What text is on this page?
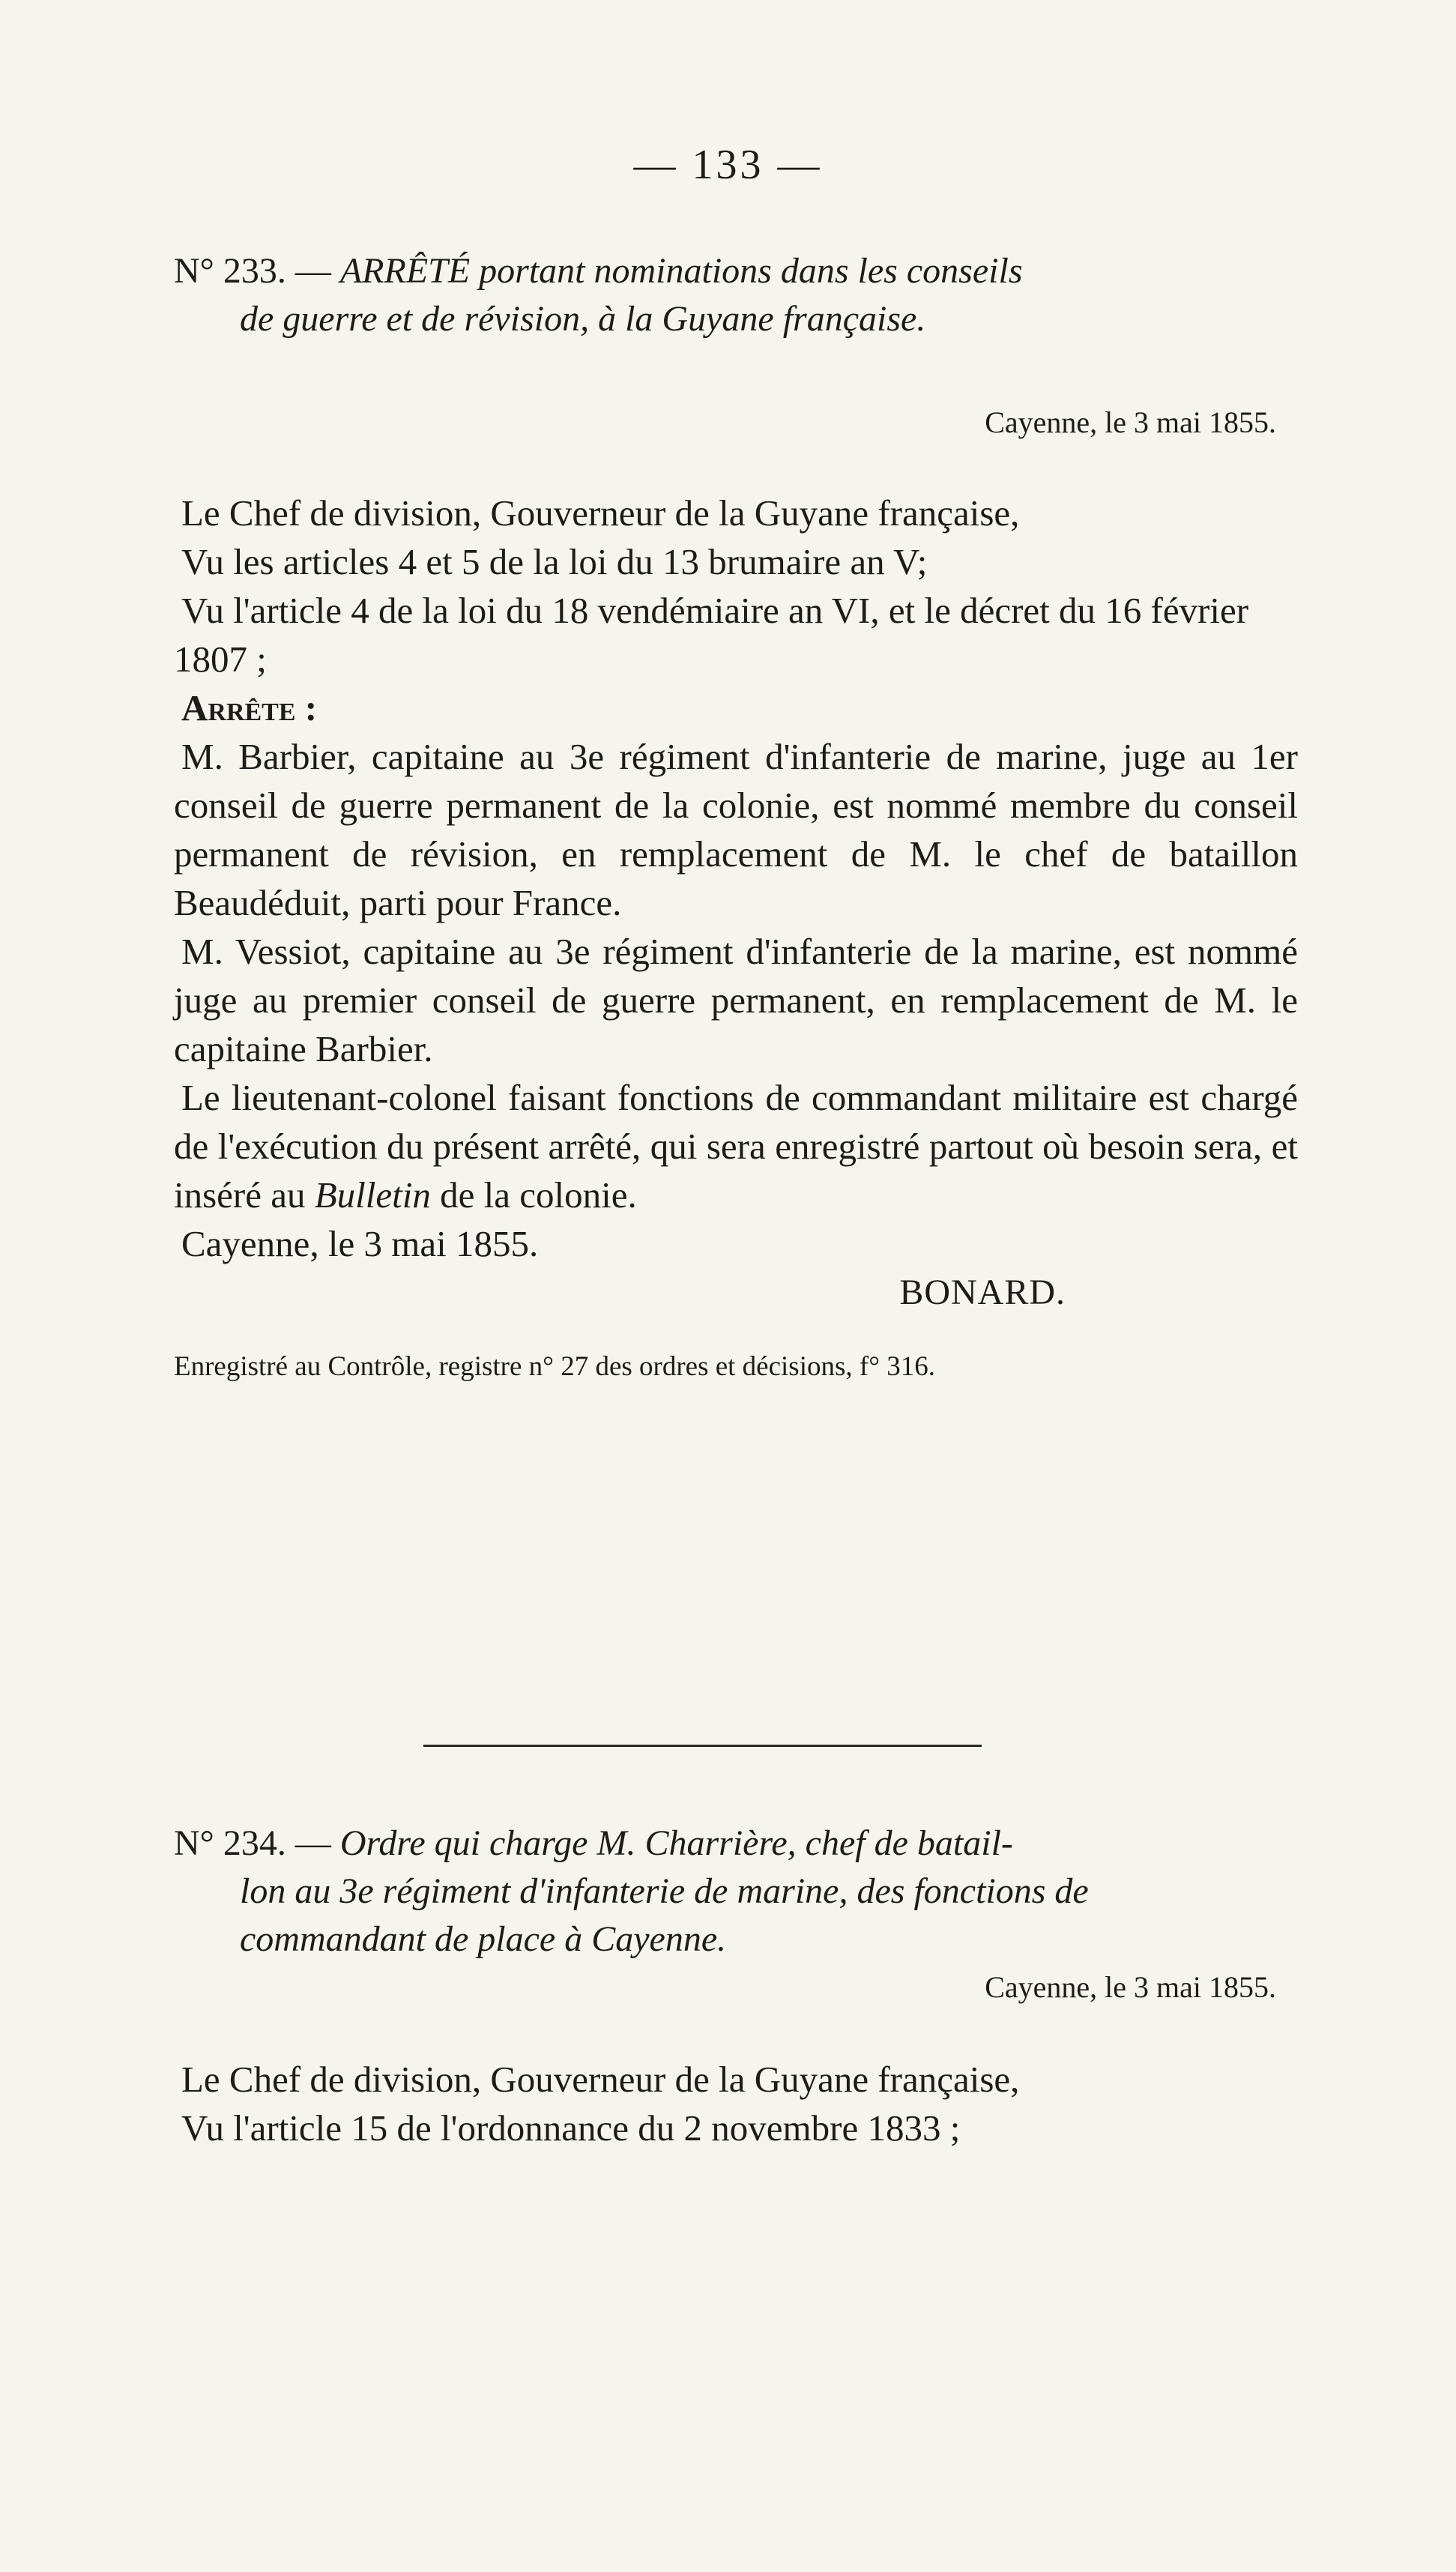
— 133 —

N° 233. — ARRÊTÉ portant nominations dans les conseils

de guerre et de révision, à la Guyane française.

Cayenne, le 3 mai 1855.

Le Chef de division, Gouverneur de la Guyane française,

Vu les articles 4 et 5 de la loi du 13 brumaire an V;

Vu l'article 4 de la loi du 18 vendémiaire an VI, et le décret du 16 février 1807 ;

Arrête :

M. Barbier, capitaine au 3e régiment d'infanterie de marine, juge au 1er conseil de guerre permanent de la colonie, est nommé membre du conseil permanent de révision, en remplacement de M. le chef de bataillon Beaudéduit, parti pour France.

M. Vessiot, capitaine au 3e régiment d'infanterie de la marine, est nommé juge au premier conseil de guerre permanent, en remplacement de M. le capitaine Barbier.

Le lieutenant-colonel faisant fonctions de commandant militaire est chargé de l'exécution du présent arrêté, qui sera enregistré partout où besoin sera, et inséré au Bulletin de la colonie.

Cayenne, le 3 mai 1855.

BONARD.

Enregistré au Contrôle, registre n° 27 des ordres et décisions, f° 316.

N° 234. — Ordre qui charge M. Charrière, chef de batail-

lon au 3e régiment d'infanterie de marine, des fonctions de

commandant de place à Cayenne.

Cayenne, le 3 mai 1855.

Le Chef de division, Gouverneur de la Guyane française,

Vu l'article 15 de l'ordonnance du 2 novembre 1833 ;
